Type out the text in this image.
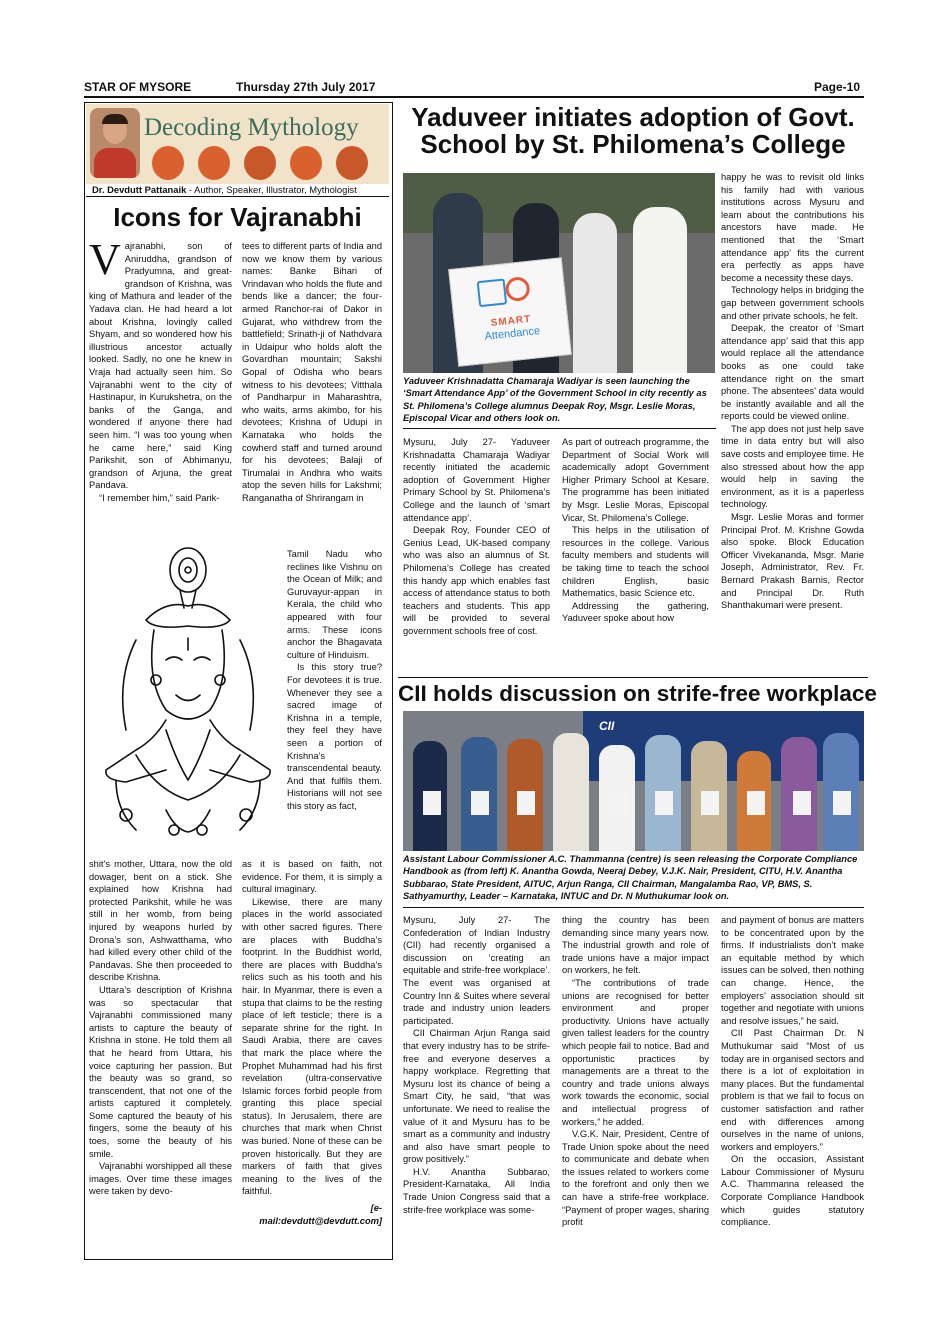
STAR OF MYSORE	Thursday 27th July 2017	Page-10
Decoding Mythology
Dr. Devdutt Pattanaik - Author, Speaker, Illustrator, Mythologist
Icons for Vajranabhi
V ajranabhi, son of Aniruddha, grandson of Pradyumna, and great-grandson of Krishna, was king of Mathura and leader of the Yadava clan. He had heard a lot about Krishna, lovingly called Shyam, and so wondered how his illustrious ancestor actually looked. Sadly, no one he knew in Vraja had actually seen him. So Vajranabhi went to the city of Hastinapur, in Kurukshetra, on the banks of the Ganga, and wondered if anyone there had seen him. “I was too young when he came here,” said King Parikshit, son of Abhimanyu, grandson of Arjuna, the great Pandava.

“I remember him,” said Parik-

tees to different parts of India and now we know them by various names: Banke Bihari of Vrindavan who holds the flute and bends like a dancer; the four-armed Ranchor-rai of Dakor in Gujarat, who withdrew from the battlefield; Srinath-ji of Nathdvara in Udaipur who holds aloft the Govardhan mountain; Sakshi Gopal of Odisha who bears witness to his devotees; Vitthala of Pandharpur in Maharashtra, who waits, arms akimbo, for his devotees; Krishna of Udupi in Karnataka who holds the cowherd staff and turned around for his devotees; Balaji of Tirumalai in Andhra who waits atop the seven hills for Lakshmi; Ranganatha of Shrirangam in

Tamil Nadu who reclines like Vishnu on the Ocean of Milk; and Guruvayur-appan in Kerala, the child who appeared with four arms. These icons anchor the Bhagavata culture of Hinduism.

Is this story true? For devotees it is true. Whenever they see a sacred image of Krishna in a temple, they feel they have seen a portion of Krishna’s transcendental beauty. And that fulfils them. Historians will not see this story as fact,

shit’s mother, Uttara, now the old dowager, bent on a stick. She explained how Krishna had protected Parikshit, while he was still in her womb, from being injured by weapons hurled by Drona’s son, Ashwatthama, who had killed every other child of the Pandavas. She then proceeded to describe Krishna.

Uttara’s description of Krishna was so spectacular that Vajranabhi commissioned many artists to capture the beauty of Krishna in stone. He told them all that he heard from Uttara, his voice capturing her passion. But the beauty was so grand, so transcendent, that not one of the artists captured it completely. Some captured the beauty of his fingers, some the beauty of his toes, some the beauty of his smile.

Vajranabhi worshipped all these images. Over time these images were taken by devo-

as it is based on faith, not evidence. For them, it is simply a cultural imaginary.

Likewise, there are many places in the world associated with other sacred figures. There are places with Buddha’s footprint. In the Buddhist world, there are places with Buddha’s relics such as his tooth and his hair. In Myanmar, there is even a stupa that claims to be the resting place of left testicle; there is a separate shrine for the right. In Saudi Arabia, there are caves that mark the place where the Prophet Muhammad had his first revelation (ultra-conservative Islamic forces forbid people from granting this place special status). In Jerusalem, there are churches that mark when Christ was buried. None of these can be proven historically. But they are markers of faith that gives meaning to the lives of the faithful.

[e-mail:devdutt@devdutt.com]

Yaduveer initiates adoption of Govt. School by St. Philomena’s College
SMART
Attendance
Yaduveer Krishnadatta Chamaraja Wadiyar is seen launching the ‘Smart Attendance App’ of the Government School in city recently as St. Philomena’s College alumnus Deepak Roy, Msgr. Leslie Moras, Episcopal Vicar and others look on.

Mysuru, July 27- Yaduveer Krishnadatta Chamaraja Wadiyar recently initiated the academic adoption of Government Higher Primary School by St. Philomena’s College and the launch of ‘smart attendance app’.

Deepak Roy, Founder CEO of Genius Lead, UK-based company who was also an alumnus of St. Philomena’s College has created this handy app which enables fast access of attendance status to both teachers and students. This app will be provided to several government schools free of cost.

As part of outreach programme, the Department of Social Work will academically adopt Government Higher Primary School at Kesare. The programme has been initiated by Msgr. Leslie Moras, Episcopal Vicar, St. Philomena’s College.

This helps in the utilisation of resources in the college. Various faculty members and students will be taking time to teach the school children English, basic Mathematics, basic Science etc.

Addressing the gathering, Yaduveer spoke about how

happy he was to revisit old links his family had with various institutions across Mysuru and learn about the contributions his ancestors have made. He mentioned that the ‘Smart attendance app’ fits the current era perfectly as apps have become a necessity these days.

Technology helps in bridging the gap between government schools and other private schools, he felt.

Deepak, the creator of ‘Smart attendance app’ said that this app would replace all the attendance books as one could take attendance right on the smart phone. The absentees’ data would be instantly available and all the reports could be viewed online.

The app does not just help save time in data entry but will also save costs and employee time. He also stressed about how the app would help in saving the environment, as it is a paperless technology.

Msgr. Leslie Moras and former Principal Prof. M. Krishne Gowda also spoke. Block Education Officer Vivekananda, Msgr. Marie Joseph, Administrator, Rev. Fr. Bernard Prakash Barnis, Rector and Principal Dr. Ruth Shanthakumari were present.

CII holds discussion on strife-free workplace
CII
Assistant Labour Commissioner A.C. Thammanna (centre) is seen releasing the Corporate Compliance Handbook as (from left) K. Anantha Gowda, Neeraj Debey, V.J.K. Nair, President, CITU, H.V. Anantha Subbarao, State President, AITUC, Arjun Ranga, CII Chairman, Mangalamba Rao, VP, BMS, S. Sathyamurthy, Leader – Karnataka, INTUC and Dr. N Muthukumar look on.

Mysuru, July 27- The Confederation of Indian Industry (CII) had recently organised a discussion on ‘creating an equitable and strife-free workplace’. The event was organised at Country Inn & Suites where several trade and industry union leaders participated.

CII Chairman Arjun Ranga said that every industry has to be strife-free and everyone deserves a happy workplace. Regretting that Mysuru lost its chance of being a Smart City, he said, “that was unfortunate. We need to realise the value of it and Mysuru has to be smart as a community and industry and also have smart people to grow positively.”

H.V. Anantha Subbarao, President-Karnataka, All India Trade Union Congress said that a strife-free workplace was some-

thing the country has been demanding since many years now. The industrial growth and role of trade unions have a major impact on workers, he felt.

“The contributions of trade unions are recognised for better environment and proper productivity. Unions have actually given tallest leaders for the country which people fail to notice. Bad and opportunistic practices by managements are a threat to the country and trade unions always work towards the economic, social and intellectual progress of workers,” he added.

V.G.K. Nair, President, Centre of Trade Union spoke about the need to communicate and debate when the issues related to workers come to the forefront and only then we can have a strife-free workplace. “Payment of proper wages, sharing profit

and payment of bonus are matters to be concentrated upon by the firms. If industrialists don’t make an equitable method by which issues can be solved, then nothing can change. Hence, the employers’ association should sit together and negotiate with unions and resolve issues,” he said.

CII Past Chairman Dr. N Muthukumar said “Most of us today are in organised sectors and there is a lot of exploitation in many places. But the fundamental problem is that we fail to focus on customer satisfaction and rather end with differences among ourselves in the name of unions, workers and employers.”

On the occasion, Assistant Labour Commissioner of Mysuru A.C. Thammanna released the Corporate Compliance Handbook which guides statutory compliance.
